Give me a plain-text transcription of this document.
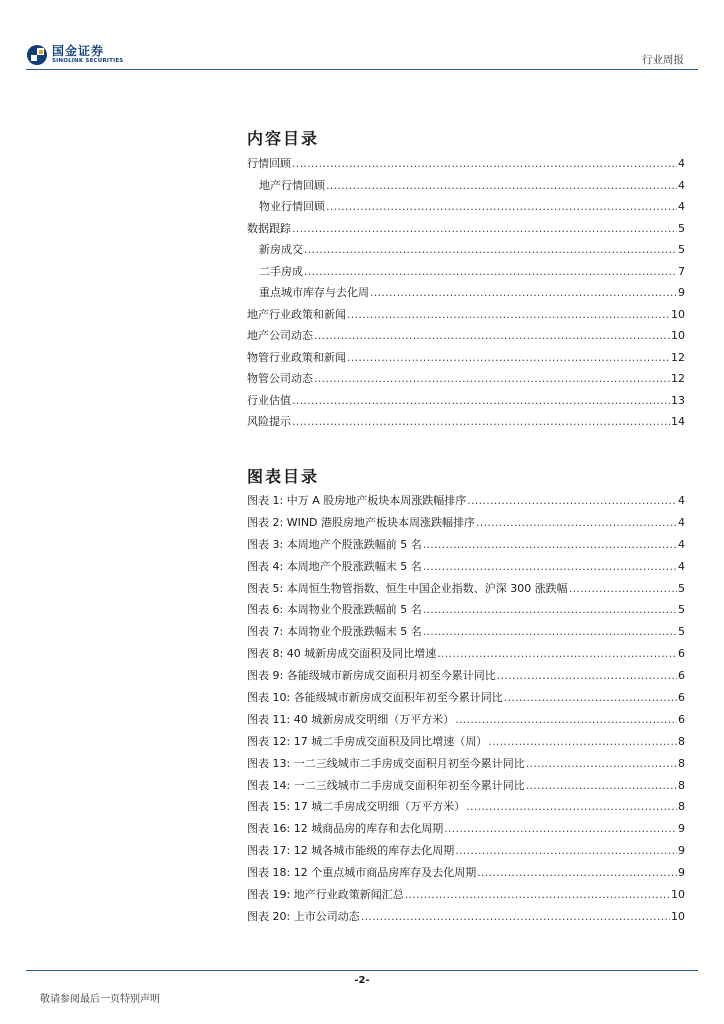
国金证券
SINOLINK SECURITIES	行业周报
内容目录
行情回顾 .....	4
地产行情回顾 .....	4
物业行情回顾 .....	4
数据跟踪 .....	5
新房成交 .....	5
二手房成 .....	7
重点城市库存与去化周 .....	9
地产行业政策和新闻 .....	10
地产公司动态 .....	10
物管行业政策和新闻 .....	12
物管公司动态 .....	12
行业估值 .....	13
风险提示 .....	14
图表目录
图表 1: 中万 A 股房地产板块本周涨跌幅排序 .....	4
图表 2: WIND 港股房地产板块本周涨跌幅排序 .....	4
图表 3: 本周地产个股涨跌幅前 5 名 .....	4
图表 4: 本周地产个股涨跌幅末 5 名 .....	4
图表 5: 本周恒生物管指数、恒生中国企业指数、沪深 300 涨跌幅 .....	5
图表 6: 本周物业个股涨跌幅前 5 名 .....	5
图表 7: 本周物业个股涨跌幅末 5 名 .....	5
图表 8: 40 城新房成交面积及同比增速 .....	6
图表 9: 各能级城市新房成交面积月初至今累计同比 .....	6
图表 10: 各能级城市新房成交面积年初至今累计同比 .....	6
图表 11: 40 城新房成交明细（万平方米） .....	6
图表 12: 17 城二手房成交面积及同比增速（周） .....	8
图表 13: 一二三线城市二手房成交面积月初至今累计同比 .....	8
图表 14: 一二三线城市二手房成交面积年初至今累计同比 .....	8
图表 15: 17 城二手房成交明细（万平方米） .....	8
图表 16: 12 城商品房的库存和去化周期 .....	9
图表 17: 12 城各城市能级的库存去化周期 .....	9
图表 18: 12 个重点城市商品房库存及去化周期 .....	9
图表 19: 地产行业政策新闻汇总 .....	10
图表 20: 上市公司动态 .....	10
-2-
敬请参阅最后一页特别声明
